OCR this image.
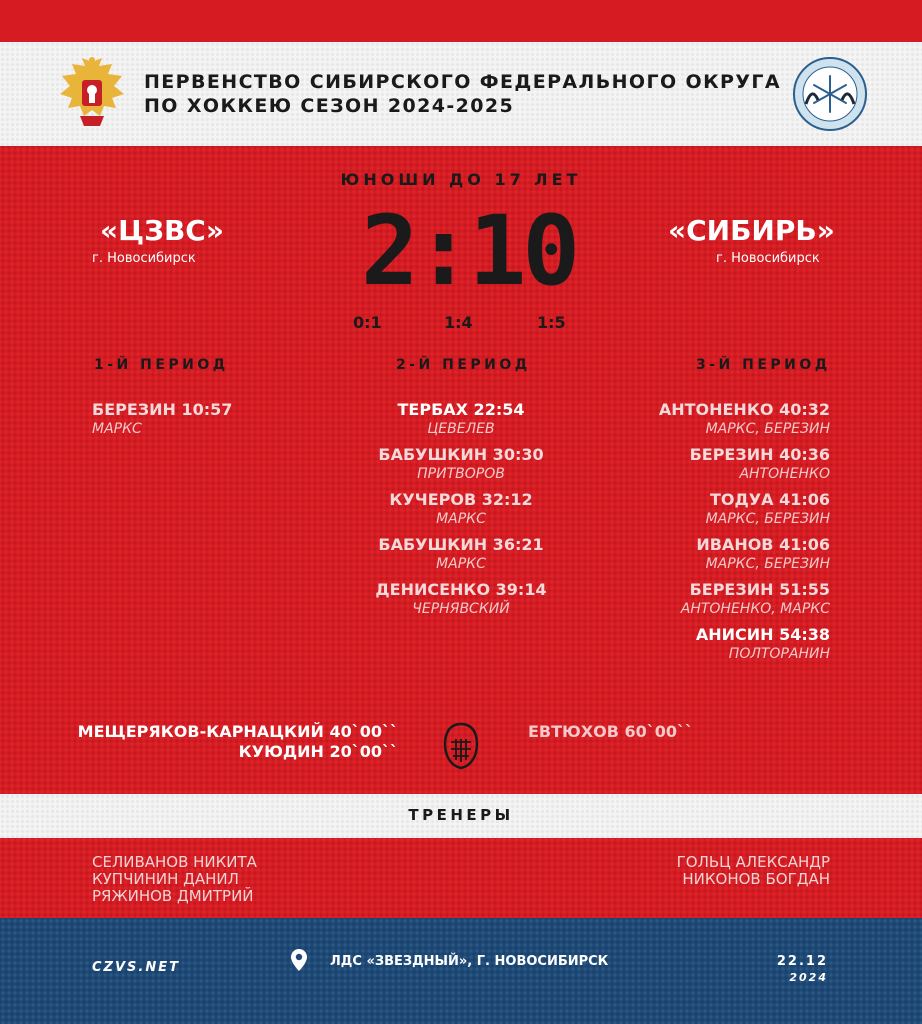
ПЕРВЕНСТВО СИБИРСКОГО ФЕДЕРАЛЬНОГО ОКРУГА
ПО ХОККЕЮ СЕЗОН 2024-2025
ЮНОШИ ДО 17 ЛЕТ
«ЦЗВС»
г. Новосибирск
«СИБИРЬ»
г. Новосибирск
2:10
0:1	1:4	1:5
1-Й ПЕРИОД	2-Й ПЕРИОД	3-Й ПЕРИОД
БЕРЕЗИН 10:57
МАРКС
ТЕРБАХ 22:54
ЦЕВЕЛЕВ
БАБУШКИН 30:30
ПРИТВОРОВ
КУЧЕРОВ 32:12
МАРКС
БАБУШКИН 36:21
МАРКС
ДЕНИСЕНКО 39:14
ЧЕРНЯВСКИЙ
АНТОНЕНКО 40:32
МАРКС, БЕРЕЗИН
БЕРЕЗИН 40:36
АНТОНЕНКО
ТОДУА 41:06
МАРКС, БЕРЕЗИН
ИВАНОВ 41:06
МАРКС, БЕРЕЗИН
БЕРЕЗИН 51:55
АНТОНЕНКО, МАРКС
АНИСИН 54:38
ПОЛТОРАНИН
МЕЩЕРЯКОВ-КАРНАЦКИЙ 40`00``
КУЮДИН 20`00``
ЕВТЮХОВ 60`00``
ТРЕНЕРЫ
СЕЛИВАНОВ НИКИТА
КУПЧИНИН ДАНИЛ
РЯЖИНОВ ДМИТРИЙ
ГОЛЬЦ АЛЕКСАНДР
НИКОНОВ БОГДАН
CZVS.NET	ЛДС «ЗВЕЗДНЫЙ», Г. НОВОСИБИРСК	22.12
2024
